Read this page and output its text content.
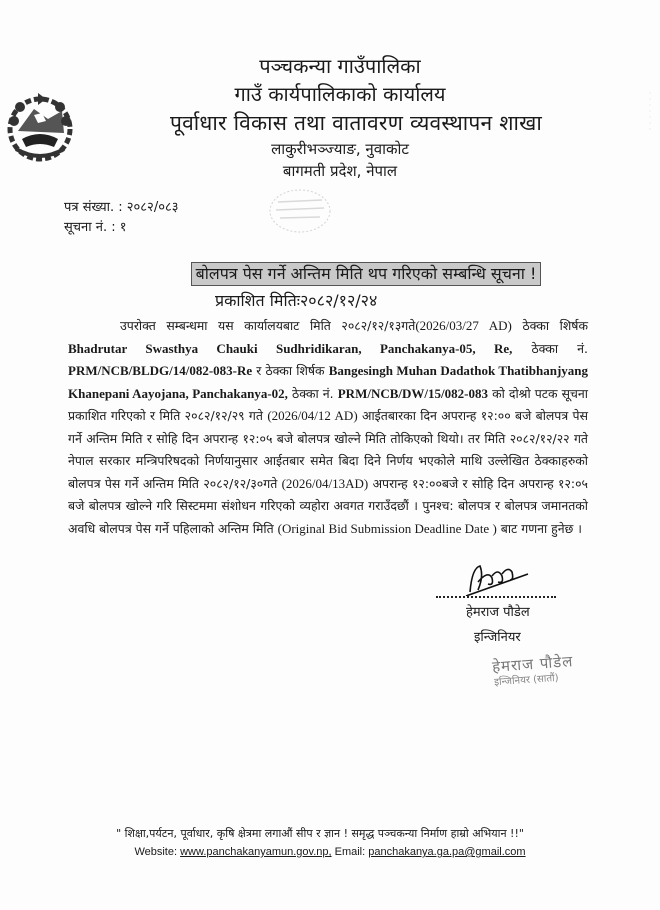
पञ्चकन्या गाउँपालिका
गाउँ कार्यपालिकाको कार्यालय
पूर्वाधार विकास तथा वातावरण व्यवस्थापन शाखा
लाकुरीभञ्ज्याङ, नुवाकोट
बागमती प्रदेश, नेपाल
पत्र संख्या. : २०८२/०८३
सूचना नं. : १
बोलपत्र पेस गर्ने अन्तिम मिति थप गरिएको सम्बन्धि सूचना !
प्रकाशित मितिः२०८२/१२/२४
उपरोक्त सम्बन्धमा यस कार्यालयबाट मिति २०८२/१२/१३गते(2026/03/27 AD) ठेक्का शिर्षक Bhadrutar Swasthya Chauki Sudhridikaran, Panchakanya-05, Re, ठेक्का नं. PRM/NCB/BLDG/14/082-083-Re र ठेक्का शिर्षक Bangesingh Muhan Dadathok Thatibhanjyang Khanepani Aayojana, Panchakanya-02, ठेक्का नं. PRM/NCB/DW/15/082-083 को दोश्रो पटक सूचना प्रकाशित गरिएको र मिति २०८२/१२/२९ गते (2026/04/12 AD) आईतबारका दिन अपरान्ह १२:०० बजे बोलपत्र पेस गर्ने अन्तिम मिति र सोहि दिन अपरान्ह १२:०५ बजे बोलपत्र खोल्ने मिति तोकिएको थियो। तर मिति २०८२/१२/२२ गते नेपाल सरकार मन्त्रिपरिषदको निर्णयानुसार आईतबार समेत बिदा दिने निर्णय भएकोले माथि उल्लेखित ठेक्काहरुको बोलपत्र पेस गर्ने अन्तिम मिति २०८२/१२/३०गते (2026/04/13AD) अपरान्ह १२:००बजे र सोहि दिन अपरान्ह १२:०५ बजे बोलपत्र खोल्ने गरि सिस्टममा संशोधन गरिएको व्यहोरा अवगत गराउँदछौं । पुनश्च: बोलपत्र र बोलपत्र जमानतको अवधि बोलपत्र पेस गर्ने पहिलाको अन्तिम मिति (Original Bid Submission Deadline Date ) बाट गणना हुनेछ ।
हेमराज पौडेल
इन्जिनियर
हेमराज पौडेल
इन्जिनियर (सातौं)
" शिक्षा,पर्यटन, पूर्वाधार, कृषि क्षेत्रमा लगाऔं सीप र ज्ञान ! समृद्ध पञ्चकन्या निर्माण हाम्रो अभियान !!"
Website: www.panchakanyamun.gov.np, Email: panchakanya.ga.pa@gmail.com
